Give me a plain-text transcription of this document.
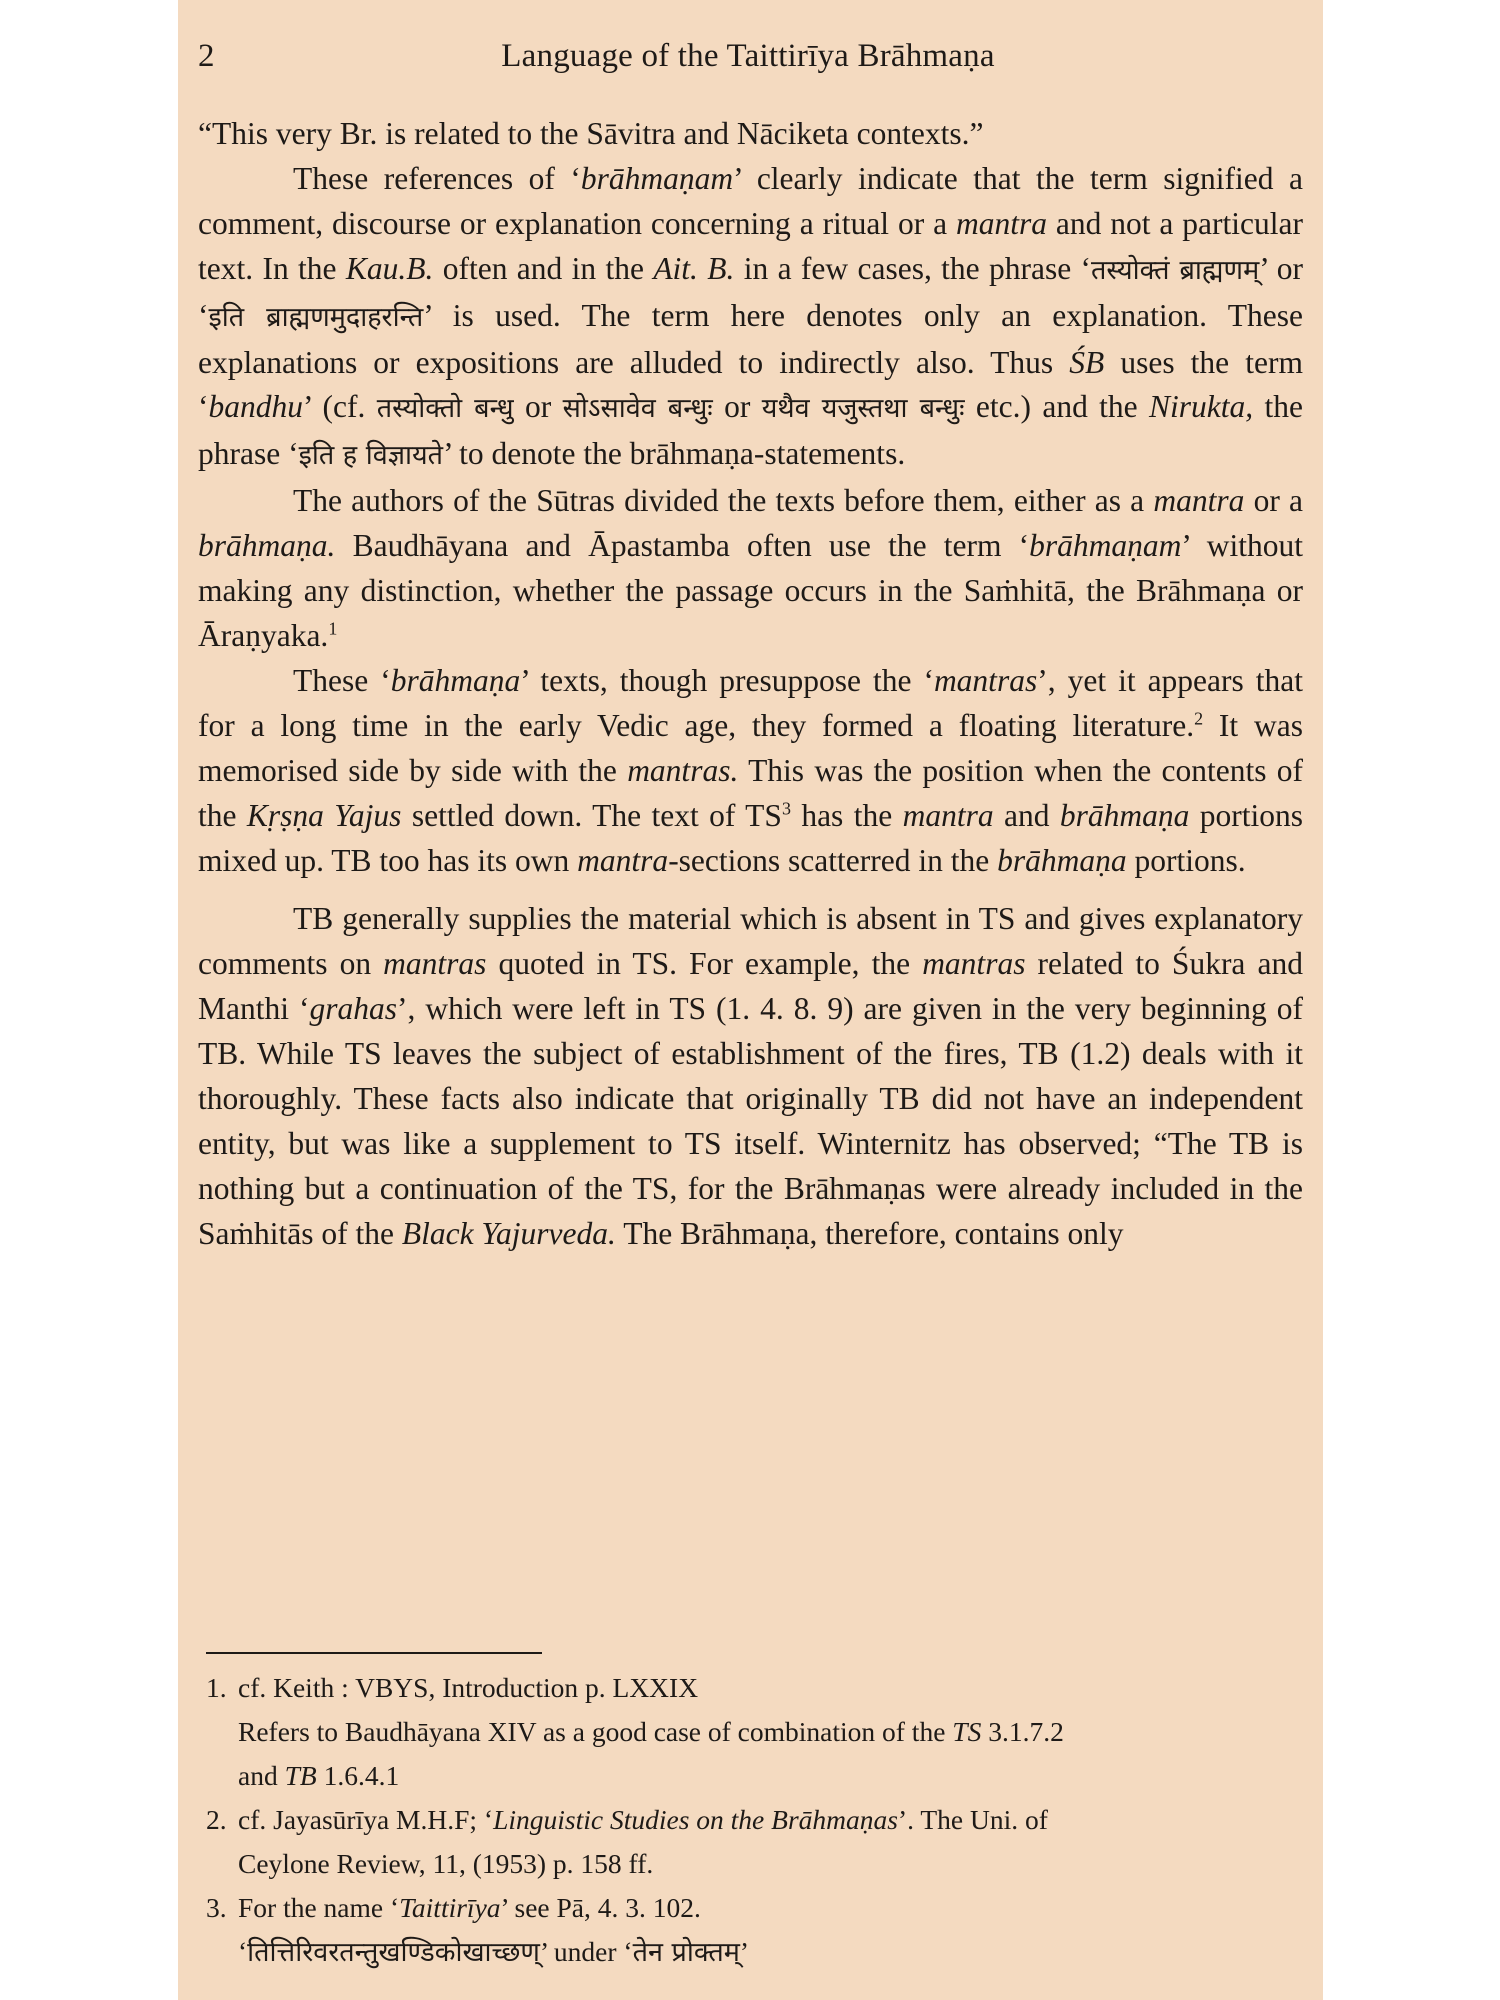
2	Language of the Taittirīya Brāhmaṇa

“This very Br. is related to the Sāvitra and Nāciketa contexts.”

These references of ‘brāhmaṇam’ clearly indicate that the term signified a comment, discourse or explanation concerning a ritual or a mantra and not a particular text. In the Kau.B. often and in the Ait. B. in a few cases, the phrase ‘तस्योक्तं ब्राह्मणम्’ or ‘इति ब्राह्मणमुदाहरन्ति’ is used. The term here denotes only an explanation. These explanations or expositions are alluded to indirectly also. Thus ŚB uses the term ‘bandhu’ (cf. तस्योक्तो बन्धु or सोऽसावेव बन्धुः or यथैव यजुस्तथा बन्धुः etc.) and the Nirukta, the phrase ‘इति ह विज्ञायते’ to denote the brāhmaṇa-statements.

The authors of the Sūtras divided the texts before them, either as a mantra or a brāhmaṇa. Baudhāyana and Āpastamba often use the term ‘brāhmaṇam’ without making any distinction, whether the passage occurs in the Saṁhitā, the Brāhmaṇa or Āraṇyaka.$^1$

These ‘brāhmaṇa’ texts, though presuppose the ‘mantras’, yet it appears that for a long time in the early Vedic age, they formed a floating literature.$^2$ It was memorised side by side with the mantras. This was the position when the contents of the Kṛṣṇa Yajus settled down. The text of $TS^3$ has the mantra and brāhmaṇa portions mixed up. TB too has its own mantra-sections scatterred in the brāhmaṇa portions.

TB generally supplies the material which is absent in TS and gives explanatory comments on mantras quoted in TS. For example, the mantras related to Śukra and Manthi ‘grahas’, which were left in TS (1. 4. 8. 9) are given in the very beginning of TB. While TS leaves the subject of establishment of the fires, TB (1.2) deals with it thoroughly. These facts also indicate that originally TB did not have an independent entity, but was like a supplement to TS itself. Winternitz has observed; “The TB is nothing but a continuation of the TS, for the Brāhmaṇas were already included in the Saṁhitās of the Black Yajurveda. The Brāhmaṇa, therefore, contains only

1. cf. Keith : VBYS, Introduction p. LXXIX

Refers to Baudhāyana XIV as a good case of combination of the TS 3.1.7.2

and TB 1.6.4.1

2. cf. Jayasūrīya M.H.F; ‘Linguistic Studies on the Brāhmaṇas’. The Uni. of

Ceylone Review, 11, (1953) p. 158 ff.

3. For the name ‘Taittirīya’ see Pā, 4. 3. 102.

‘तित्तिरिवरतन्तुखण्डिकोखाच्छण्’ under ‘तेन प्रोक्तम्’
